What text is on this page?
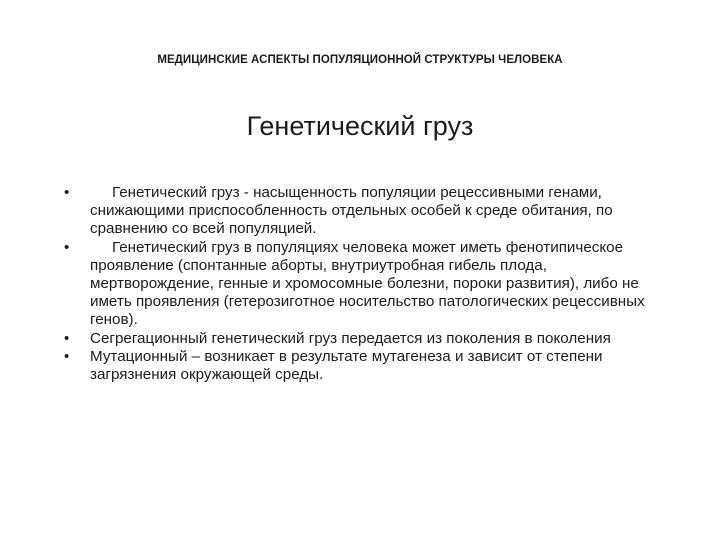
МЕДИЦИНСКИЕ АСПЕКТЫ ПОПУЛЯЦИОННОЙ СТРУКТУРЫ ЧЕЛОВЕКА
Генетический груз
•	Генетический груз - насыщенность популяции рецессивными генами, снижающими приспособленность отдельных особей к среде обитания, по сравнению со всей популяцией.
•	Генетический груз в популяциях человека может иметь фенотипическое проявление (спонтанные аборты, внутриутробная гибель плода, мертворождение, генные и хромосомные болезни, пороки развития), либо не иметь проявления (гетерозиготное носительство патологических рецессивных генов).
• Сегрегационный генетический груз передается из поколения в поколения
• Мутационный – возникает в результате мутагенеза и зависит от степени загрязнения окружающей среды.
